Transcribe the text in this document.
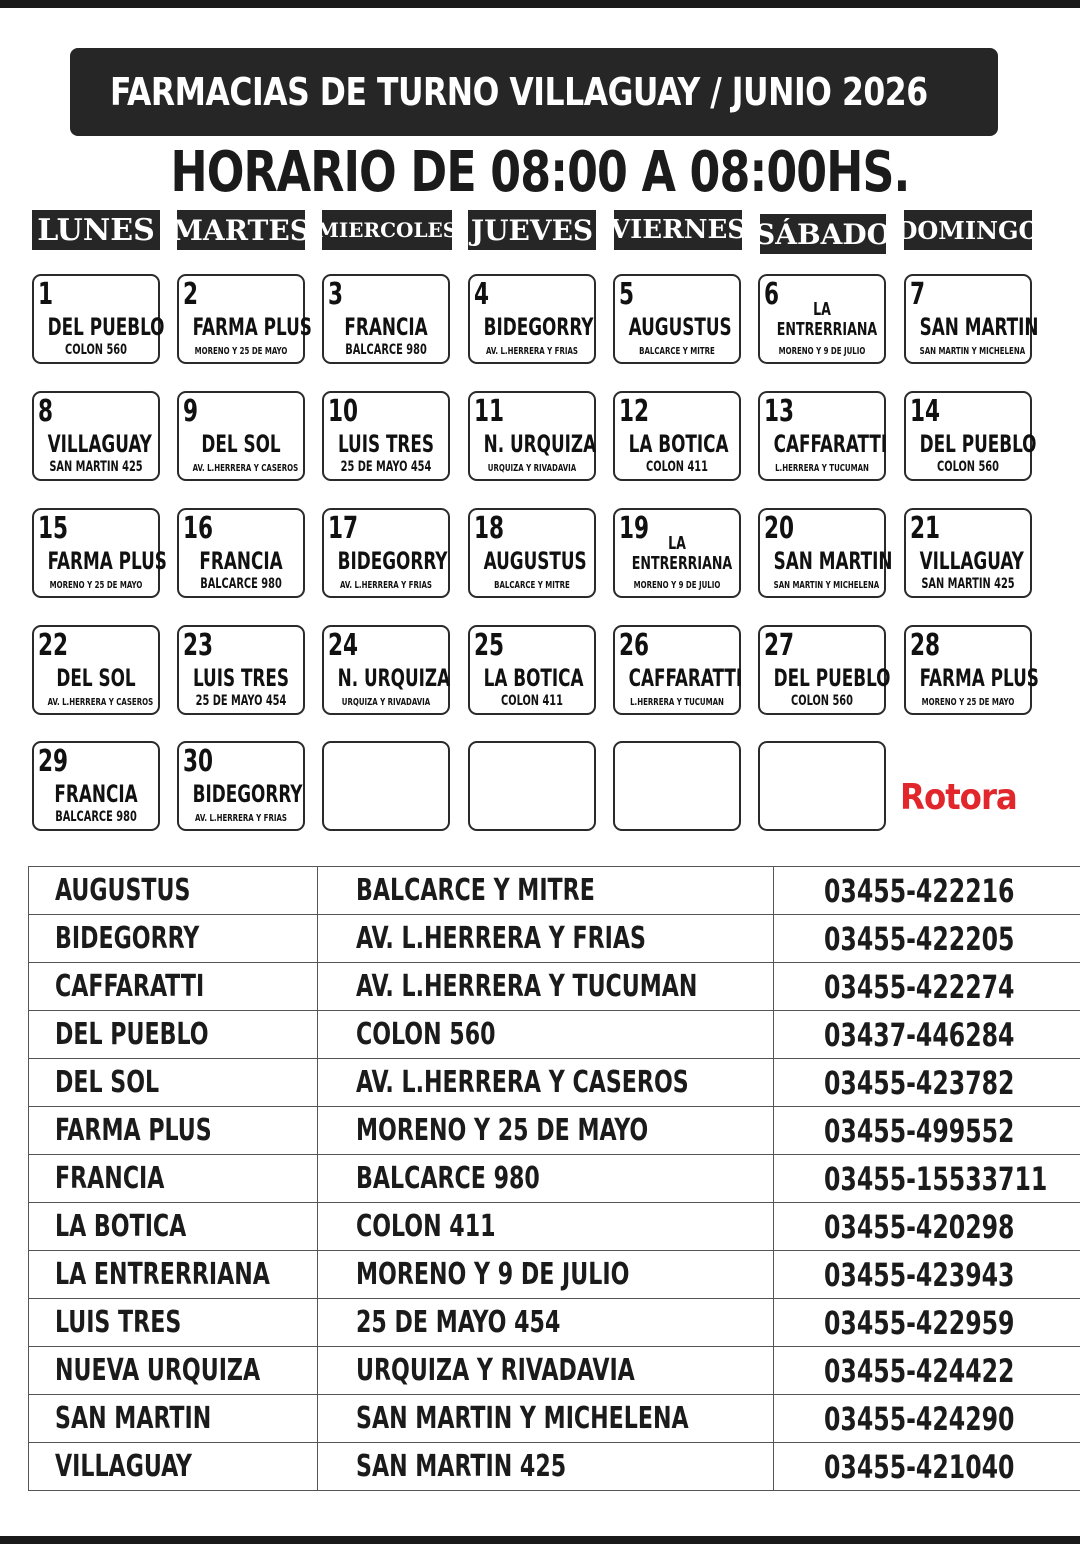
FARMACIAS DE TURNO VILLAGUAY / JUNIO 2026
HORARIO DE 08:00 A 08:00HS.
LUNES MARTES MIERCOLES JUEVES VIERNES SÁBADO DOMINGO
1
DEL PUEBLO
COLON 560
2
FARMA PLUS
MORENO Y 25 DE MAYO
3
FRANCIA
BALCARCE 980
4
BIDEGORRY
AV. L.HERRERA Y FRIAS
5
AUGUSTUS
BALCARCE Y MITRE
6	LA ENTRERRIANA
MORENO Y 9 DE JULIO
7
SAN MARTIN
SAN MARTIN Y MICHELENA
8
VILLAGUAY
SAN MARTIN 425
9
DEL SOL
AV. L.HERRERA Y CASEROS
10
LUIS TRES
25 DE MAYO 454
11
N. URQUIZA
URQUIZA Y RIVADAVIA
12
LA BOTICA
COLON 411
13
CAFFARATTI
L.HERRERA Y TUCUMAN
14
DEL PUEBLO
COLON 560
15
FARMA PLUS
MORENO Y 25 DE MAYO
16
FRANCIA
BALCARCE 980
17
BIDEGORRY
AV. L.HERRERA Y FRIAS
18
AUGUSTUS
BALCARCE Y MITRE
19	LA ENTRERRIANA
MORENO Y 9 DE JULIO
20
SAN MARTIN
SAN MARTIN Y MICHELENA
21
VILLAGUAY
SAN MARTIN 425
22
DEL SOL
AV. L.HERRERA Y CASEROS
23
LUIS TRES
25 DE MAYO 454
24
N. URQUIZA
URQUIZA Y RIVADAVIA
25
LA BOTICA
COLON 411
26
CAFFARATTI
L.HERRERA Y TUCUMAN
27
DEL PUEBLO
COLON 560
28
FARMA PLUS
MORENO Y 25 DE MAYO
29
FRANCIA
BALCARCE 980
30
BIDEGORRY
AV. L.HERRERA Y FRIAS
Rotora
AUGUSTUS	BALCARCE Y MITRE	03455-422216
BIDEGORRY	AV. L.HERRERA Y FRIAS	03455-422205
CAFFARATTI	AV. L.HERRERA Y TUCUMAN	03455-422274
DEL PUEBLO	COLON 560	03437-446284
DEL SOL	AV. L.HERRERA Y CASEROS	03455-423782
FARMA PLUS	MORENO Y 25 DE MAYO	03455-499552
FRANCIA	BALCARCE 980	03455-15533711
LA BOTICA	COLON 411	03455-420298
LA ENTRERRIANA	MORENO Y 9 DE JULIO	03455-423943
LUIS TRES	25 DE MAYO 454	03455-422959
NUEVA URQUIZA	URQUIZA Y RIVADAVIA	03455-424422
SAN MARTIN	SAN MARTIN Y MICHELENA	03455-424290
VILLAGUAY	SAN MARTIN 425	03455-421040
